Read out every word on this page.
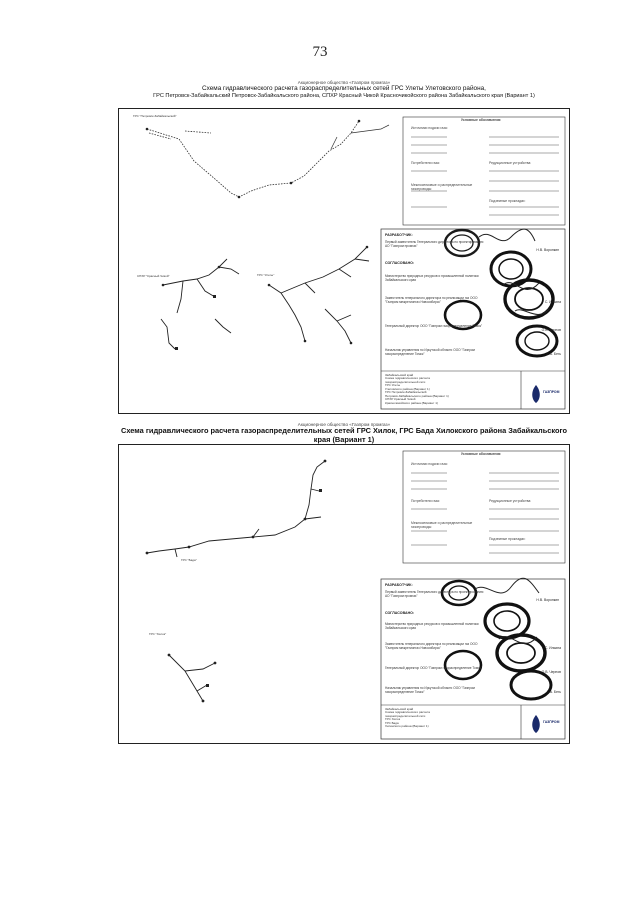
73
Акционерное общество «Газпром промгаз»
Схема гидравлического расчета газораспределительных сетей ГРС Улеты Улетовского района,
ГРС Петровск-Забайкальский Петровск-Забайкальского района, СПХР Красный Чикой Красночикойского района Забайкальского края (Вариант 1)
Условные обозначения
Источники подачи газа:
Потребители газа:
Межпоселковые и распределительные газопроводы:
Редукционные устройства:
Подземные прокладки:
РАЗРАБОТЧИК:
Первый заместитель Генерального директора по проектированию АО "Газпром промгаз"
Н.В. Воронкин
СОГЛАСОВАНО:
Министерство природных ресурсов и промышленной политики Забайкальского края
Заместитель генерального директора по реализации газ ООО "Газпром межрегионгаз Новосибирск"	С. Ильина
Генеральный директор ООО "Газпром газораспределение Томск"
О.В. Чернов
Начальник управления по Иркутской области ООО "Газпром газораспределение Томск"	А.А. Бегь
Забайкальский край
Схема гидравлического расчета
газораспределительной сети
ГРС Улеты
Улетовского района (Вариант 1)
ГРС Петровск-Забайкальский
Петровск-Забайкальского района (Вариант 1)
СПХР Красный Чикой
Красночикойского района (Вариант 1)
ГАЗПРОМ
ГРС "Петровск-Забайкальский"
СПХР "Красный Чикой"	ГРС "Улеты"
Акционерное общество «Газпром промгаз»
Схема гидравлического расчета газораспределительных сетей ГРС Хилок, ГРС Бада Хилокского района Забайкальского края (Вариант 1)
Условные обозначения
Источники подачи газа:
Потребители газа:
Межпоселковые и распределительные газопроводы:
Редукционные устройства:
Подземные прокладки:
РАЗРАБОТЧИК:
Первый заместитель Генерального директора по проектированию АО "Газпром промгаз"
Н.В. Воронкин
СОГЛАСОВАНО:
Министерство природных ресурсов и промышленной политики Забайкальского края
Заместитель генерального директора по реализации газ ООО "Газпром межрегионгаз Новосибирск"	С. Ильина
Генеральный директор ООО "Газпром газораспределение Томск"
О.В. Чернов
Начальник управления по Иркутской области ООО "Газпром газораспределение Томск"	А.А. Бегь
Забайкальский край
Схема гидравлического расчета
газораспределительной сети
ГРС Хилок
ГРС Бада
Хилокского района (Вариант 1)
ГАЗПРОМ
ГРС "Хилок"
ГРС "Бада"
